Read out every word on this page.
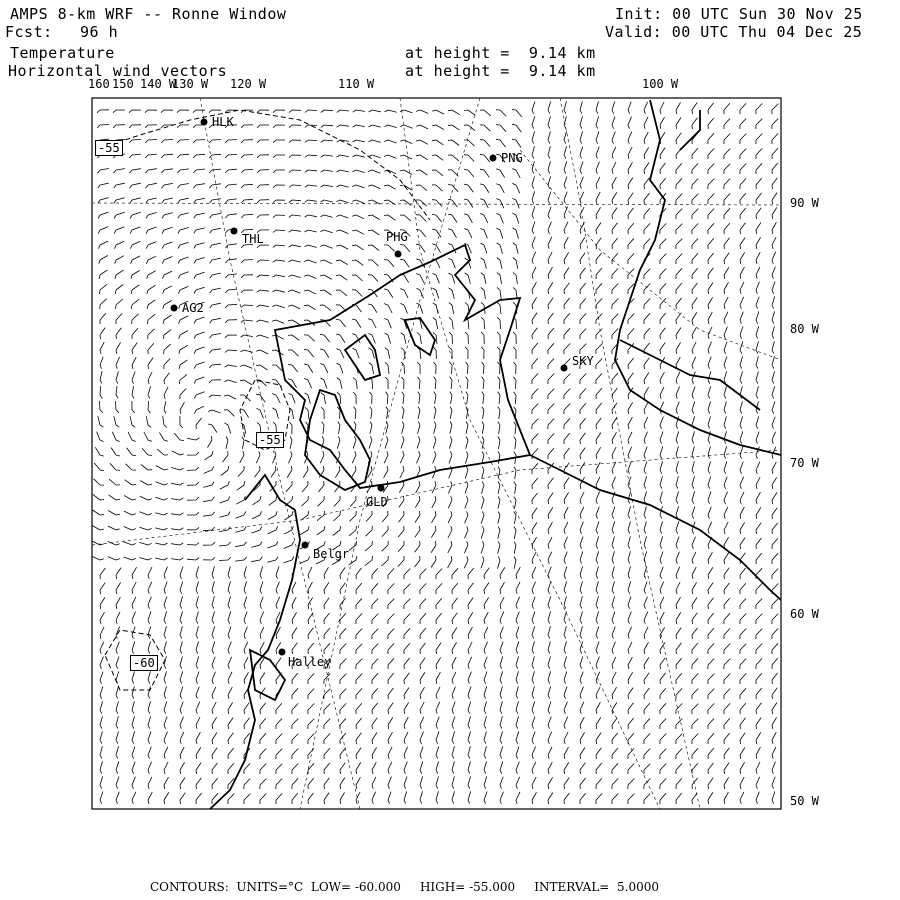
AMPS 8-km WRF -- Ronne Window
Fcst: 96 h
Temperature
Horizontal wind vectors
at height =  9.14 km
at height =  9.14 km
Init: 00 UTC Sun 30 Nov 25
Valid: 00 UTC Thu 04 Dec 25
160 150 140 W
130 W 120 W	110 W	100 W
90 W
80 W
70 W
60 W
50 W
HLK
PNG
THL	PHG
AG2
SKY
GLD
Belgr
Halley
-55
-55
-60
CONTOURS:  UNITS=°C  LOW= -60.000     HIGH= -55.000     INTERVAL=  5.0000
